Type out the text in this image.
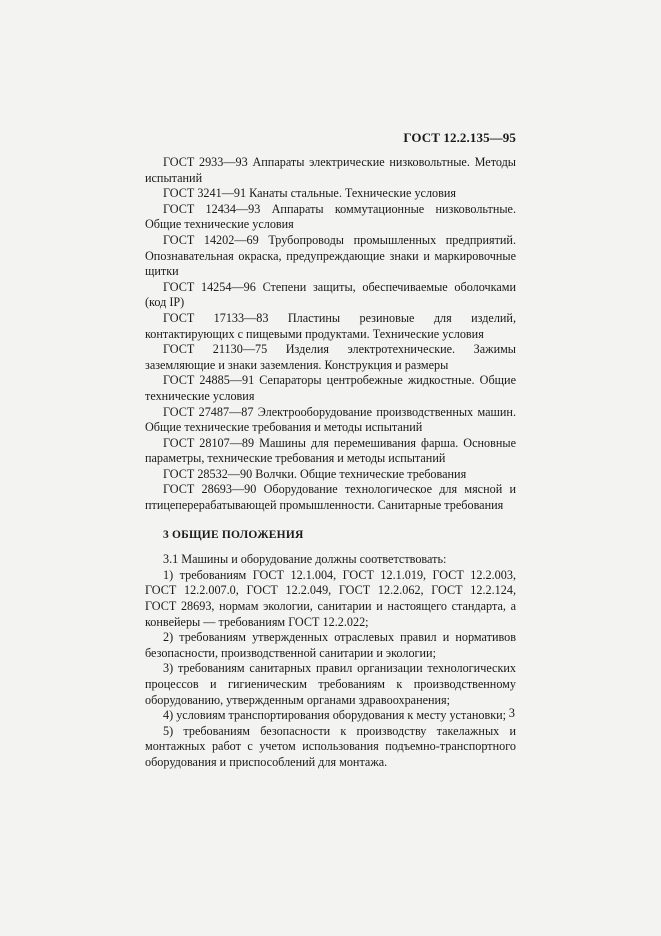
ГОСТ 12.2.135—95

ГОСТ 2933—93 Аппараты электрические низковольтные. Методы испытаний

ГОСТ 3241—91 Канаты стальные. Технические условия

ГОСТ 12434—93 Аппараты коммутационные низковольтные. Общие технические условия

ГОСТ 14202—69 Трубопроводы промышленных предприятий. Опознавательная окраска, предупреждающие знаки и маркировочные щитки

ГОСТ 14254—96 Степени защиты, обеспечиваемые оболочками (код IP)

ГОСТ 17133—83 Пластины резиновые для изделий, контактирующих с пищевыми продуктами. Технические условия

ГОСТ 21130—75 Изделия электротехнические. Зажимы заземляющие и знаки заземления. Конструкция и размеры

ГОСТ 24885—91 Сепараторы центробежные жидкостные. Общие технические условия

ГОСТ 27487—87 Электрооборудование производственных машин. Общие технические требования и методы испытаний

ГОСТ 28107—89 Машины для перемешивания фарша. Основные параметры, технические требования и методы испытаний

ГОСТ 28532—90 Волчки. Общие технические требования

ГОСТ 28693—90 Оборудование технологическое для мясной и птицеперерабатывающей промышленности. Санитарные требования

3 ОБЩИЕ ПОЛОЖЕНИЯ

3.1 Машины и оборудование должны соответствовать:

1) требованиям ГОСТ 12.1.004, ГОСТ 12.1.019, ГОСТ 12.2.003, ГОСТ 12.2.007.0, ГОСТ 12.2.049, ГОСТ 12.2.062, ГОСТ 12.2.124, ГОСТ 28693, нормам экологии, санитарии и настоящего стандарта, а конвейеры — требованиям ГОСТ 12.2.022;

2) требованиям утвержденных отраслевых правил и нормативов безопасности, производственной санитарии и экологии;

3) требованиям санитарных правил организации технологических процессов и гигиеническим требованиям к производственному оборудованию, утвержденным органами здравоохранения;

4) условиям транспортирования оборудования к месту установки;

5) требованиям безопасности к производству такелажных и монтажных работ с учетом использования подъемно-транспортного оборудования и приспособлений для монтажа.

3
